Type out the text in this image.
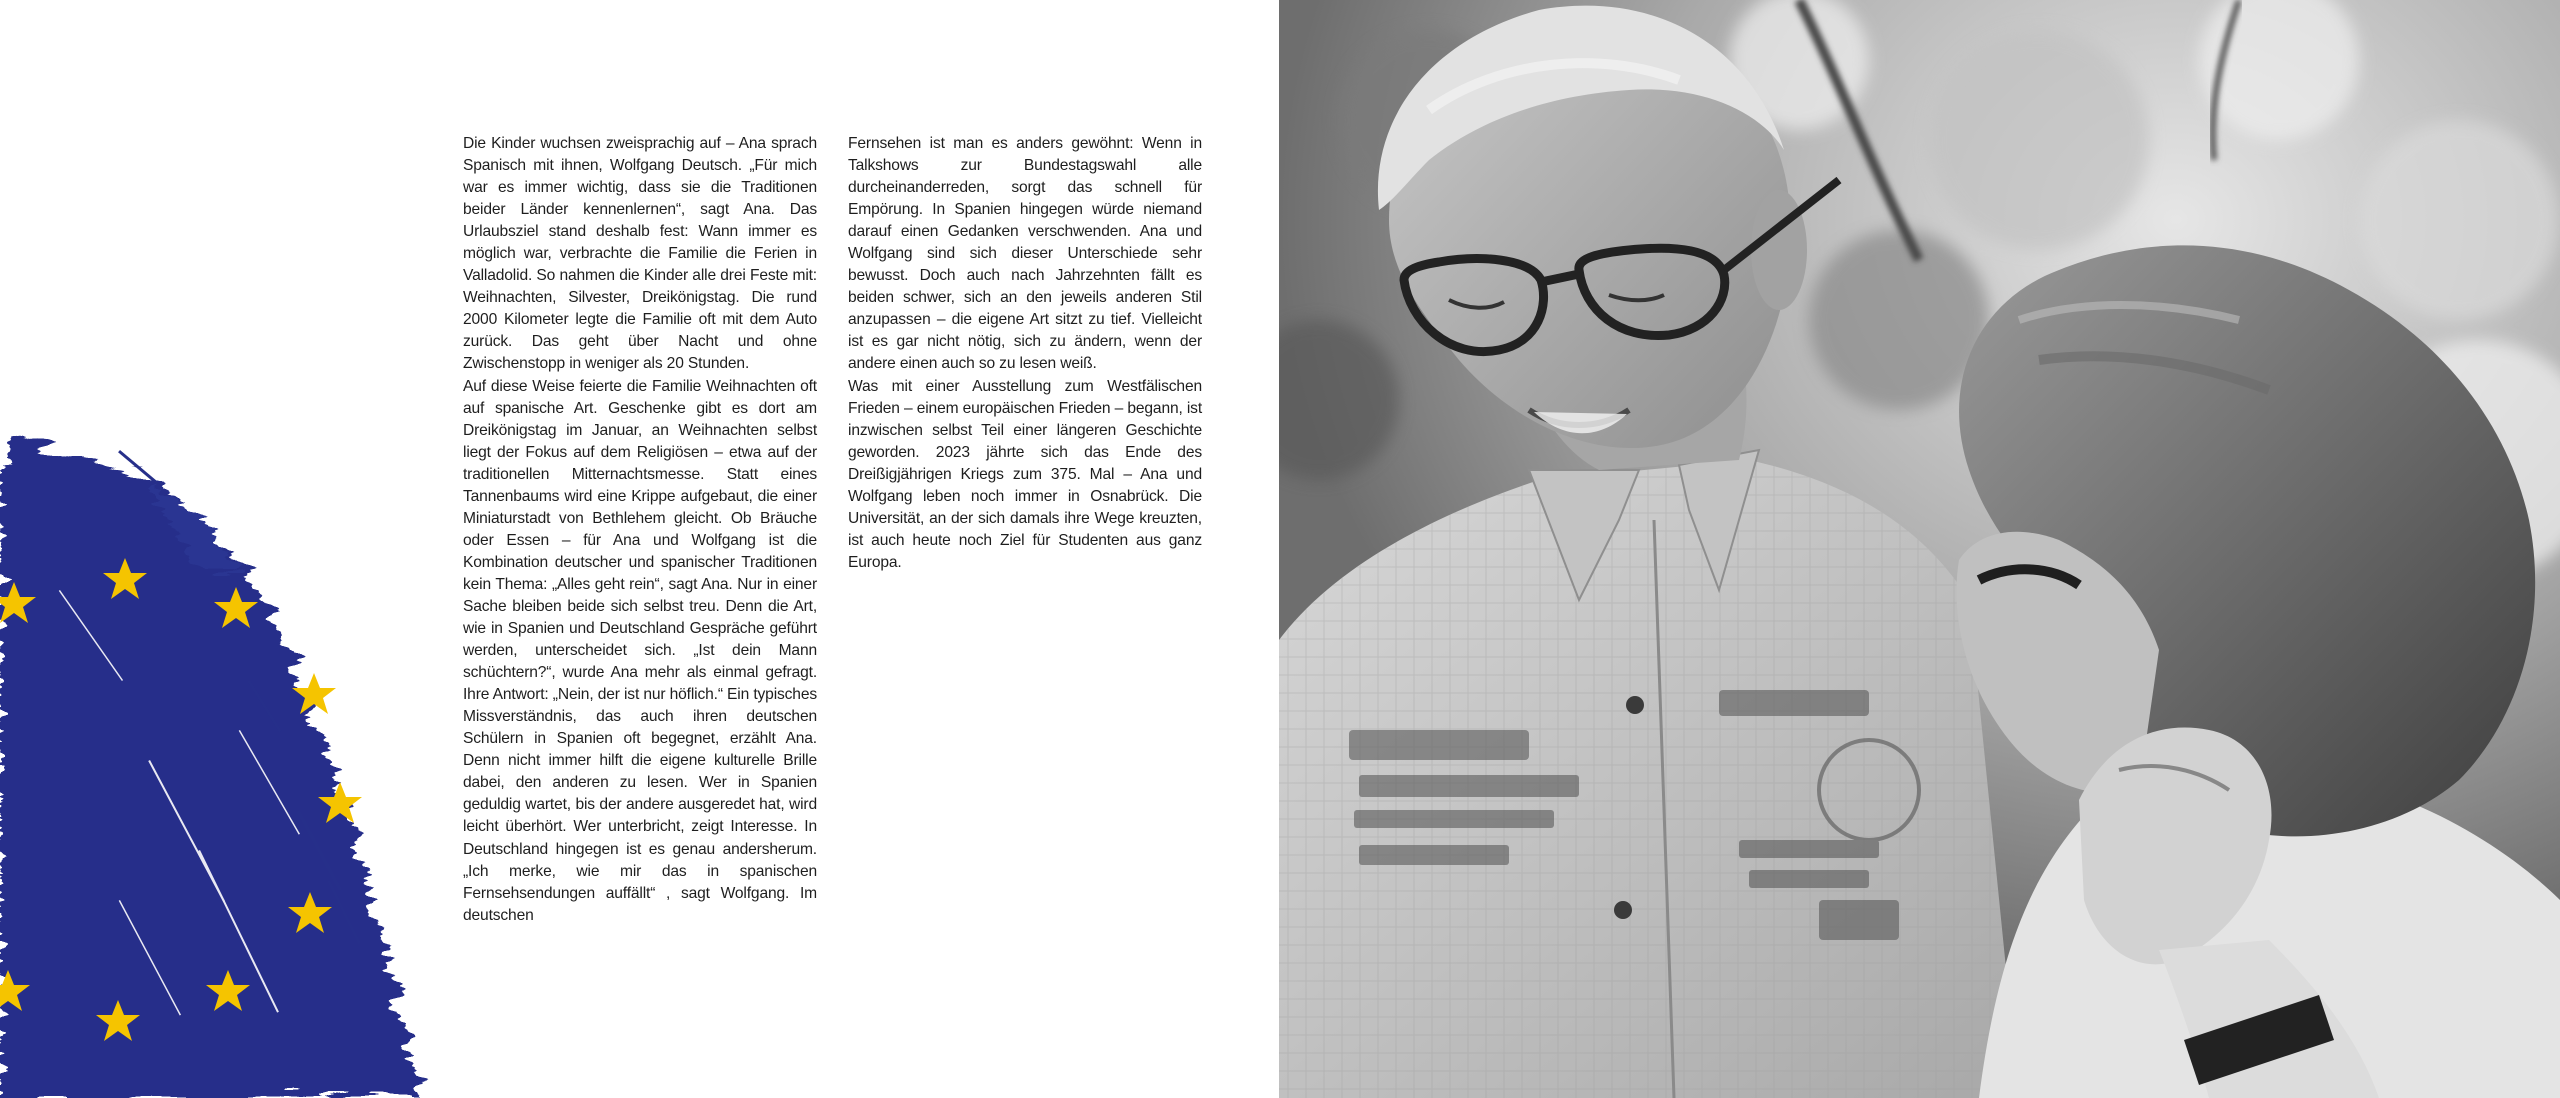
Die Kinder wuchsen zweisprachig auf – Ana sprach Spanisch mit ihnen, Wolfgang Deutsch. „Für mich war es immer wichtig, dass sie die Traditionen beider Länder kennenlernen“, sagt Ana. Das Urlaubsziel stand deshalb fest: Wann immer es möglich war, verbrachte die Familie die Ferien in Valladolid. So nahmen die Kinder alle drei Feste mit: Weihnachten, Silvester, Dreikönigstag. Die rund 2000 Kilometer legte die Familie oft mit dem Auto zurück. Das geht über Nacht und ohne Zwischenstopp in weniger als 20 Stunden.

Auf diese Weise feierte die Familie Weihnachten oft auf spanische Art. Geschenke gibt es dort am Dreikönigstag im Januar, an Weihnachten selbst liegt der Fokus auf dem Religiösen – etwa auf der traditionellen Mitternachtsmesse. Statt eines Tannenbaums wird eine Krippe aufgebaut, die einer Miniaturstadt von Bethlehem gleicht. Ob Bräuche oder Essen – für Ana und Wolfgang ist die Kombination deutscher und spanischer Traditionen kein Thema: „Alles geht rein“, sagt Ana. Nur in einer Sache bleiben beide sich selbst treu. Denn die Art, wie in Spanien und Deutschland Gespräche geführt werden, unterscheidet sich. „Ist dein Mann schüchtern?“, wurde Ana mehr als einmal gefragt. Ihre Antwort: „Nein, der ist nur höflich.“ Ein typisches Missverständnis, das auch ihren deutschen Schülern in Spanien oft begegnet, erzählt Ana. Denn nicht immer hilft die eigene kulturelle Brille dabei, den anderen zu lesen. Wer in Spanien geduldig wartet, bis der andere ausgeredet hat, wird leicht überhört. Wer unterbricht, zeigt Interesse. In Deutschland hingegen ist es genau andersherum. „Ich merke, wie mir das in spanischen Fernsehsendungen auffällt“ , sagt Wolfgang. Im deutschen

Fernsehen ist man es anders gewöhnt: Wenn in Talkshows zur Bundestagswahl alle durcheinanderreden, sorgt das schnell für Empörung. In Spanien hingegen würde niemand darauf einen Gedanken verschwenden. Ana und Wolfgang sind sich dieser Unterschiede sehr bewusst. Doch auch nach Jahrzehnten fällt es beiden schwer, sich an den jeweils anderen Stil anzupassen – die eigene Art sitzt zu tief. Vielleicht ist es gar nicht nötig, sich zu ändern, wenn der andere einen auch so zu lesen weiß.

Was mit einer Ausstellung zum Westfälischen Frieden – einem europäischen Frieden – begann, ist inzwischen selbst Teil einer längeren Geschichte geworden. 2023 jährte sich das Ende des Dreißigjährigen Kriegs zum 375. Mal – Ana und Wolfgang leben noch immer in Osnabrück. Die Universität, an der sich damals ihre Wege kreuzten, ist auch heute noch Ziel für Studenten aus ganz Europa.
